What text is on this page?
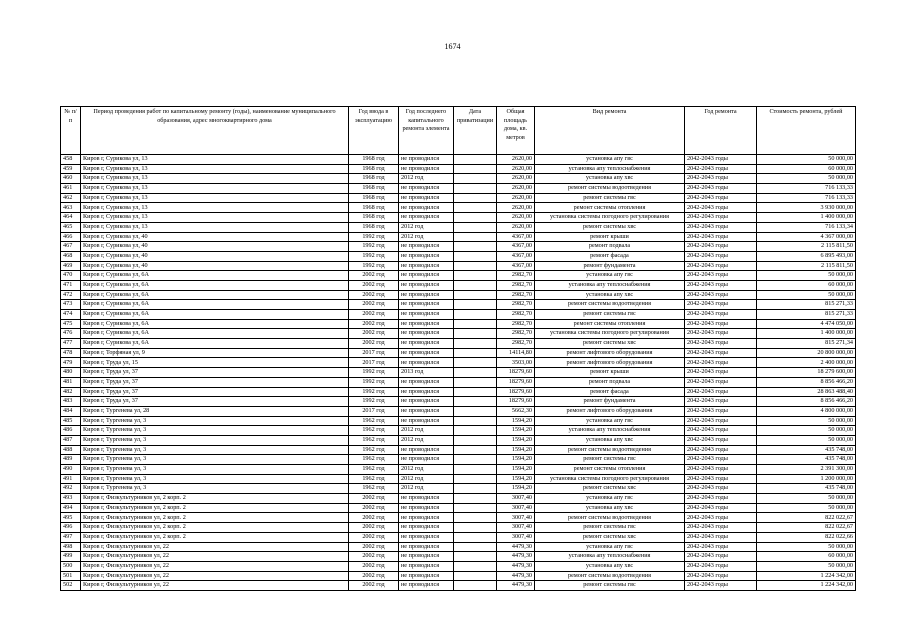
1674
№ п/п	Период проведения работ по капитальному ремонту (годы), наименование муниципального образования, адрес многоквартирного дома	Год ввода в эксплуатацию	Год последнего капитального ремонта элемента	Дата приватизации	Общая площадь дома, кв. метров	Вид ремонта	Год ремонта	Стоимость ремонта, рублей
458	Киров г, Сурикова ул, 13	1968 год	не проводился		2620,00	установка апу гвс	2042-2043 годы	50 000,00
459	Киров г, Сурикова ул, 13	1968 год	не проводился		2620,00	установка апу теплоснабжения	2042-2043 годы	60 000,00
460	Киров г, Сурикова ул, 13	1968 год	2012 год		2620,00	установка апу хвс	2042-2043 годы	50 000,00
461	Киров г, Сурикова ул, 13	1968 год	не проводился		2620,00	ремонт системы водоотведения	2042-2043 годы	716 133,33
462	Киров г, Сурикова ул, 13	1968 год	не проводился		2620,00	ремонт системы гвс	2042-2043 годы	716 133,33
463	Киров г, Сурикова ул, 13	1968 год	не проводился		2620,00	ремонт системы отопления	2042-2043 годы	3 930 000,00
464	Киров г, Сурикова ул, 13	1968 год	не проводился		2620,00	установка системы погодного регулирования	2042-2043 годы	1 400 000,00
465	Киров г, Сурикова ул, 13	1968 год	2012 год		2620,00	ремонт системы хвс	2042-2043 годы	716 133,34
466	Киров г, Сурикова ул, 40	1992 год	2012 год		4367,00	ремонт крыши	2042-2043 годы	4 367 000,00
467	Киров г, Сурикова ул, 40	1992 год	не проводился		4367,00	ремонт подвала	2042-2043 годы	2 115 811,50
468	Киров г, Сурикова ул, 40	1992 год	не проводился		4367,00	ремонт фасада	2042-2043 годы	6 895 493,00
469	Киров г, Сурикова ул, 40	1992 год	не проводился		4367,00	ремонт фундамента	2042-2043 годы	2 115 811,50
470	Киров г, Сурикова ул, 6А	2002 год	не проводился		2982,70	установка апу гвс	2042-2043 годы	50 000,00
471	Киров г, Сурикова ул, 6А	2002 год	не проводился		2982,70	установка апу теплоснабжения	2042-2043 годы	60 000,00
472	Киров г, Сурикова ул, 6А	2002 год	не проводился		2982,70	установка апу хвс	2042-2043 годы	50 000,00
473	Киров г, Сурикова ул, 6А	2002 год	не проводился		2982,70	ремонт системы водоотведения	2042-2043 годы	815 271,33
474	Киров г, Сурикова ул, 6А	2002 год	не проводился		2982,70	ремонт системы гвс	2042-2043 годы	815 271,33
475	Киров г, Сурикова ул, 6А	2002 год	не проводился		2982,70	ремонт системы отопления	2042-2043 годы	4 474 050,00
476	Киров г, Сурикова ул, 6А	2002 год	не проводился		2982,70	установка системы погодного регулирования	2042-2043 годы	1 400 000,00
477	Киров г, Сурикова ул, 6А	2002 год	не проводился		2982,70	ремонт системы хвс	2042-2043 годы	815 271,34
478	Киров г, Торфяная ул, 9	2017 год	не проводился		14114,80	ремонт лифтового оборудования	2042-2043 годы	20 800 000,00
479	Киров г, Труда ул, 15	2017 год	не проводился		3503,00	ремонт лифтового оборудования	2042-2043 годы	2 400 000,00
480	Киров г, Труда ул, 37	1992 год	2013 год		18279,60	ремонт крыши	2042-2043 годы	18 279 600,00
481	Киров г, Труда ул, 37	1992 год	не проводился		18279,60	ремонт подвала	2042-2043 годы	8 856 466,20
482	Киров г, Труда ул, 37	1992 год	не проводился		18279,60	ремонт фасада	2042-2043 годы	28 863 488,40
483	Киров г, Труда ул, 37	1992 год	не проводился		18279,60	ремонт фундамента	2042-2043 годы	8 856 466,20
484	Киров г, Тургенева ул, 28	2017 год	не проводился		5662,30	ремонт лифтового оборудования	2042-2043 годы	4 800 000,00
485	Киров г, Тургенева ул, 3	1962 год	не проводился		1594,20	установка апу гвс	2042-2043 годы	50 000,00
486	Киров г, Тургенева ул, 3	1962 год	2012 год		1594,20	установка апу теплоснабжения	2042-2043 годы	50 000,00
487	Киров г, Тургенева ул, 3	1962 год	2012 год		1594,20	установка апу хвс	2042-2043 годы	50 000,00
488	Киров г, Тургенева ул, 3	1962 год	не проводился		1594,20	ремонт системы водоотведения	2042-2043 годы	435 748,00
489	Киров г, Тургенева ул, 3	1962 год	не проводился		1594,20	ремонт системы гвс	2042-2043 годы	435 748,00
490	Киров г, Тургенева ул, 3	1962 год	2012 год		1594,20	ремонт системы отопления	2042-2043 годы	2 391 300,00
491	Киров г, Тургенева ул, 3	1962 год	2012 год		1594,20	установка системы погодного регулирования	2042-2043 годы	1 200 000,00
492	Киров г, Тургенева ул, 3	1962 год	2012 год		1594,20	ремонт системы хвс	2042-2043 годы	435 748,00
493	Киров г, Физкультурников ул, 2 корп. 2	2002 год	не проводился		3007,40	установка апу гвс	2042-2043 годы	50 000,00
494	Киров г, Физкультурников ул, 2 корп. 2	2002 год	не проводился		3007,40	установка апу хвс	2042-2043 годы	50 000,00
495	Киров г, Физкультурников ул, 2 корп. 2	2002 год	не проводился		3007,40	ремонт системы водоотведения	2042-2043 годы	822 022,67
496	Киров г, Физкультурников ул, 2 корп. 2	2002 год	не проводился		3007,40	ремонт системы гвс	2042-2043 годы	822 022,67
497	Киров г, Физкультурников ул, 2 корп. 2	2002 год	не проводился		3007,40	ремонт системы хвс	2042-2043 годы	822 022,66
498	Киров г, Физкультурников ул, 22	2002 год	не проводился		4479,30	установка апу гвс	2042-2043 годы	50 000,00
499	Киров г, Физкультурников ул, 22	2002 год	не проводился		4479,30	установка апу теплоснабжения	2042-2043 годы	60 000,00
500	Киров г, Физкультурников ул, 22	2002 год	не проводился		4479,30	установка апу хвс	2042-2043 годы	50 000,00
501	Киров г, Физкультурников ул, 22	2002 год	не проводился		4479,30	ремонт системы водоотведения	2042-2043 годы	1 224 342,00
502	Киров г, Физкультурников ул, 22	2002 год	не проводился		4479,30	ремонт системы гвс	2042-2043 годы	1 224 342,00
